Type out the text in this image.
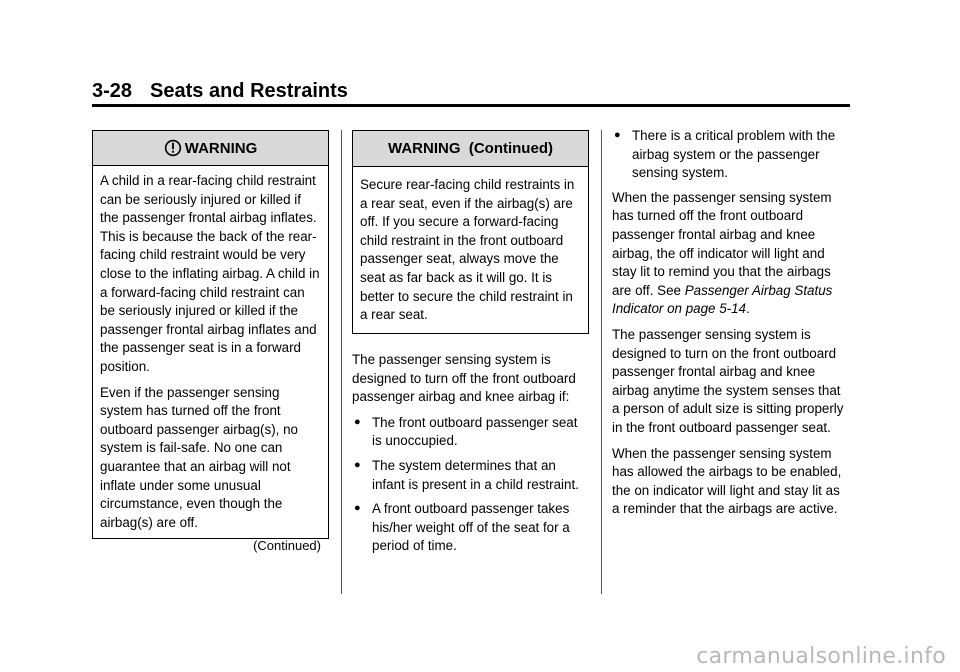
3-28 Seats and Restraints
WARNING

A child in a rear-facing child restraint can be seriously injured or killed if the passenger frontal airbag inflates. This is because the back of the rear-facing child restraint would be very close to the inflating airbag. A child in a forward-facing child restraint can be seriously injured or killed if the passenger frontal airbag inflates and the passenger seat is in a forward position.

Even if the passenger sensing system has turned off the front outboard passenger airbag(s), no system is fail-safe. No one can guarantee that an airbag will not inflate under some unusual circumstance, even though the airbag(s) are off.

(Continued)
WARNING  (Continued)

Secure rear-facing child restraints in a rear seat, even if the airbag(s) are off. If you secure a forward-facing child restraint in the front outboard passenger seat, always move the seat as far back as it will go. It is better to secure the child restraint in a rear seat.

The passenger sensing system is designed to turn off the front outboard passenger airbag and knee airbag if:

● The front outboard passenger seat is unoccupied.
● The system determines that an infant is present in a child restraint.
● A front outboard passenger takes his/her weight off of the seat for a period of time.
● There is a critical problem with the airbag system or the passenger sensing system.

When the passenger sensing system has turned off the front outboard passenger frontal airbag and knee airbag, the off indicator will light and stay lit to remind you that the airbags are off. See Passenger Airbag Status Indicator on page 5-14.

The passenger sensing system is designed to turn on the front outboard passenger frontal airbag and knee airbag anytime the system senses that a person of adult size is sitting properly in the front outboard passenger seat.

When the passenger sensing system has allowed the airbags to be enabled, the on indicator will light and stay lit as a reminder that the airbags are active.

carmanualsonline.info
